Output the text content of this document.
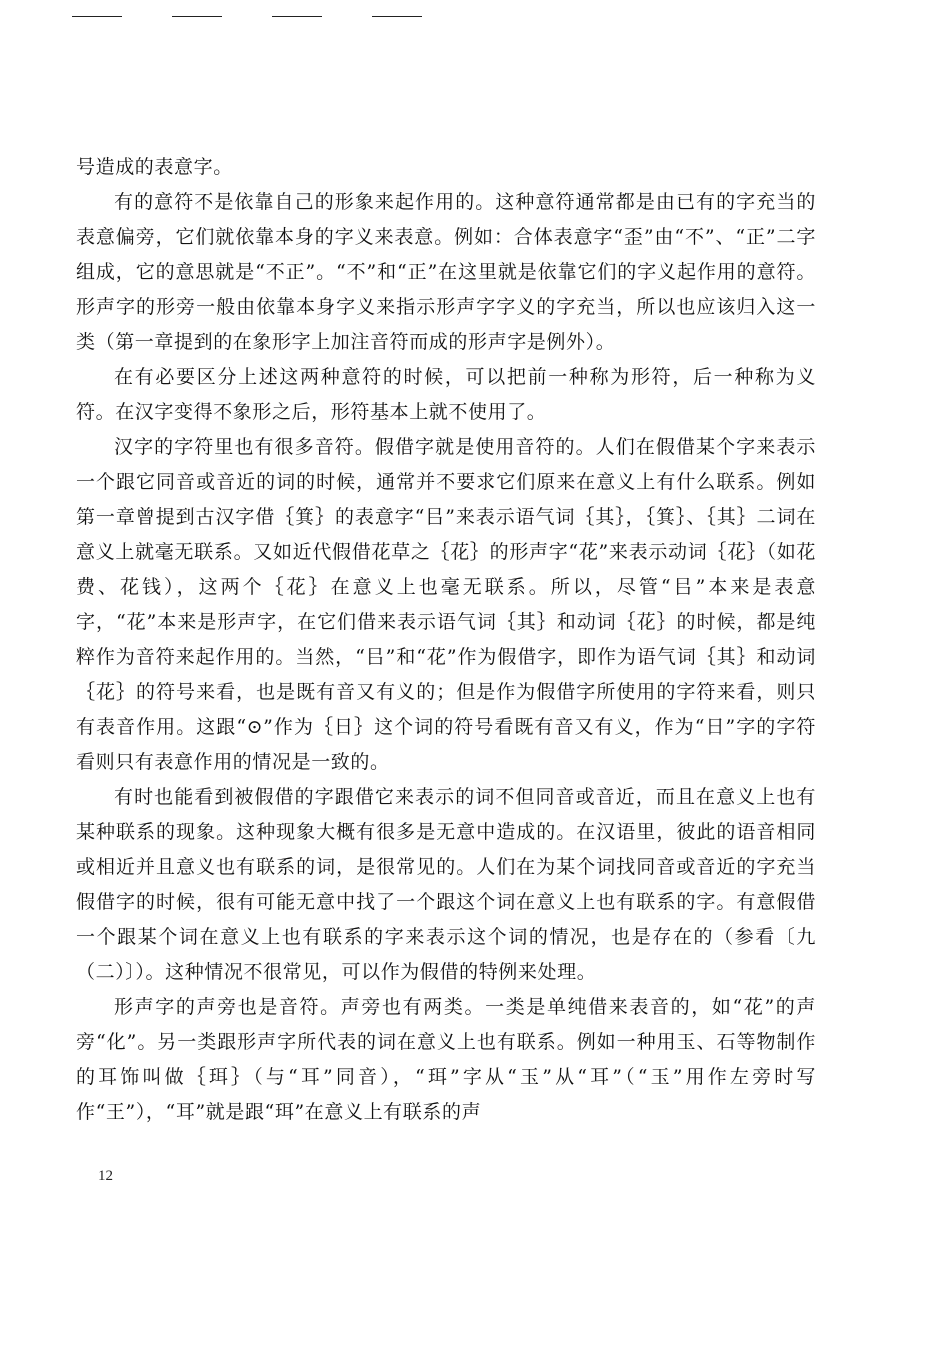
号造成的表意字。

有的意符不是依靠自己的形象来起作用的。这种意符通常都是由已有的字充当的表意偏旁，它们就依靠本身的字义来表意。例如：合体表意字“歪”由“不”、“正”二字组成，它的意思就是“不正”。“不”和“正”在这里就是依靠它们的字义起作用的意符。形声字的形旁一般由依靠本身字义来指示形声字字义的字充当，所以也应该归入这一类（第一章提到的在象形字上加注音符而成的形声字是例外）。

在有必要区分上述这两种意符的时候，可以把前一种称为形符，后一种称为义符。在汉字变得不象形之后，形符基本上就不使用了。

汉字的字符里也有很多音符。假借字就是使用音符的。人们在假借某个字来表示一个跟它同音或音近的词的时候，通常并不要求它们原来在意义上有什么联系。例如第一章曾提到古汉字借｛箕｝的表意字“㠯”来表示语气词｛其｝，｛箕｝、｛其｝二词在意义上就毫无联系。又如近代假借花草之｛花｝的形声字“花”来表示动词｛花｝（如花费、花钱），这两个｛花｝在意义上也毫无联系。所以，尽管“㠯”本来是表意字，“花”本来是形声字，在它们借来表示语气词｛其｝和动词｛花｝的时候，都是纯粹作为音符来起作用的。当然，“㠯”和“花”作为假借字，即作为语气词｛其｝和动词｛花｝的符号来看，也是既有音又有义的；但是作为假借字所使用的字符来看，则只有表音作用。这跟“⊙”作为｛日｝这个词的符号看既有音又有义，作为“日”字的字符看则只有表意作用的情况是一致的。

有时也能看到被假借的字跟借它来表示的词不但同音或音近，而且在意义上也有某种联系的现象。这种现象大概有很多是无意中造成的。在汉语里，彼此的语音相同或相近并且意义也有联系的词，是很常见的。人们在为某个词找同音或音近的字充当假借字的时候，很有可能无意中找了一个跟这个词在意义上也有联系的字。有意假借一个跟某个词在意义上也有联系的字来表示这个词的情况，也是存在的（参看〔九（二）〕）。这种情况不很常见，可以作为假借的特例来处理。

形声字的声旁也是音符。声旁也有两类。一类是单纯借来表音的，如“花”的声旁“化”。另一类跟形声字所代表的词在意义上也有联系。例如一种用玉、石等物制作的耳饰叫做｛珥｝（与“耳”同音），“珥”字从“玉”从“耳”（“玉”用作左旁时写作“王”），“耳”就是跟“珥”在意义上有联系的声

12
